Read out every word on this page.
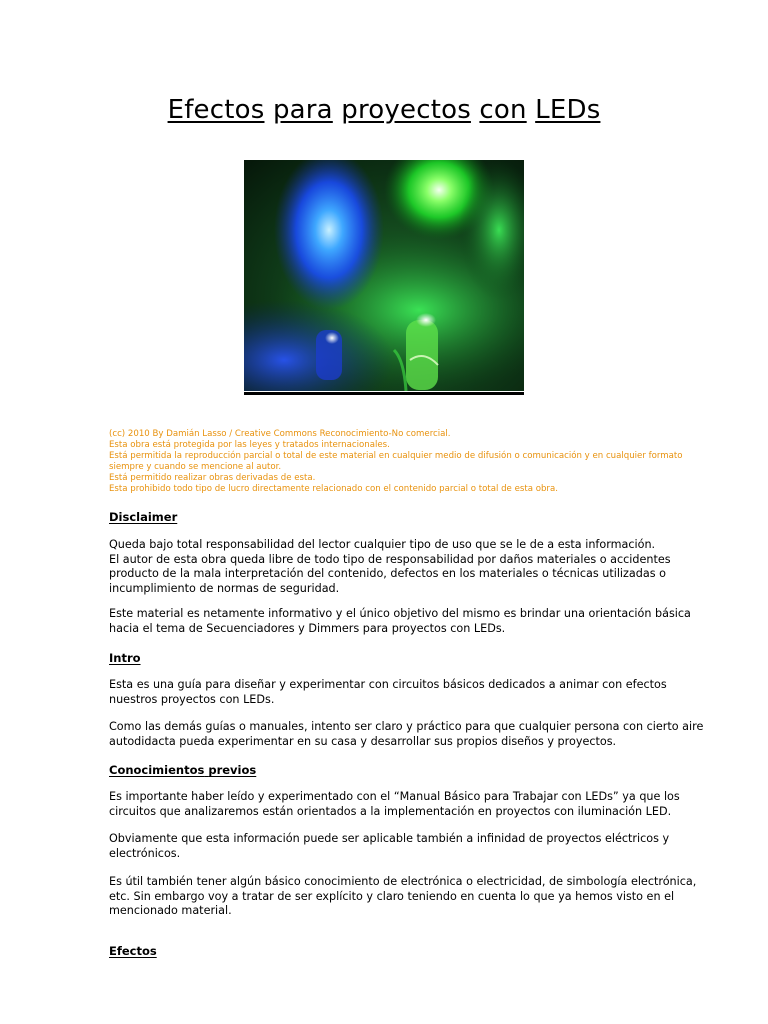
Efectos para proyectos con LEDs
(cc) 2010 By Damián Lasso / Creative Commons Reconocimiento-No comercial.
Esta obra está protegida por las leyes y tratados internacionales.
Está permitida la reproducción parcial o total de este material en cualquier medio de difusión o comunicación y en cualquier formato
siempre y cuando se mencione al autor.
Está permitido realizar obras derivadas de esta.
Esta prohibido todo tipo de lucro directamente relacionado con el contenido parcial o total de esta obra.
Disclaimer
Queda bajo total responsabilidad del lector cualquier tipo de uso que se le de a esta información.
El autor de esta obra queda libre de todo tipo de responsabilidad por daños materiales o accidentes
producto de la mala interpretación del contenido, defectos en los materiales o técnicas utilizadas o
incumplimiento de normas de seguridad.
Este material es netamente informativo y el único objetivo del mismo es brindar una orientación básica
hacia el tema de Secuenciadores y Dimmers para proyectos con LEDs.
Intro
Esta es una guía para diseñar y experimentar con circuitos básicos dedicados a animar con efectos
nuestros proyectos con LEDs.
Como las demás guías o manuales, intento ser claro y práctico para que cualquier persona con cierto aire
autodidacta pueda experimentar en su casa y desarrollar sus propios diseños y proyectos.
Conocimientos previos
Es importante haber leído y experimentado con el “Manual Básico para Trabajar con LEDs” ya que los
circuitos que analizaremos están orientados a la implementación en proyectos con iluminación LED.
Obviamente que esta información puede ser aplicable también a infinidad de proyectos eléctricos y
electrónicos.
Es útil también tener algún básico conocimiento de electrónica o electricidad, de simbología electrónica,
etc. Sin embargo voy a tratar de ser explícito y claro teniendo en cuenta lo que ya hemos visto en el
mencionado material.
Efectos
